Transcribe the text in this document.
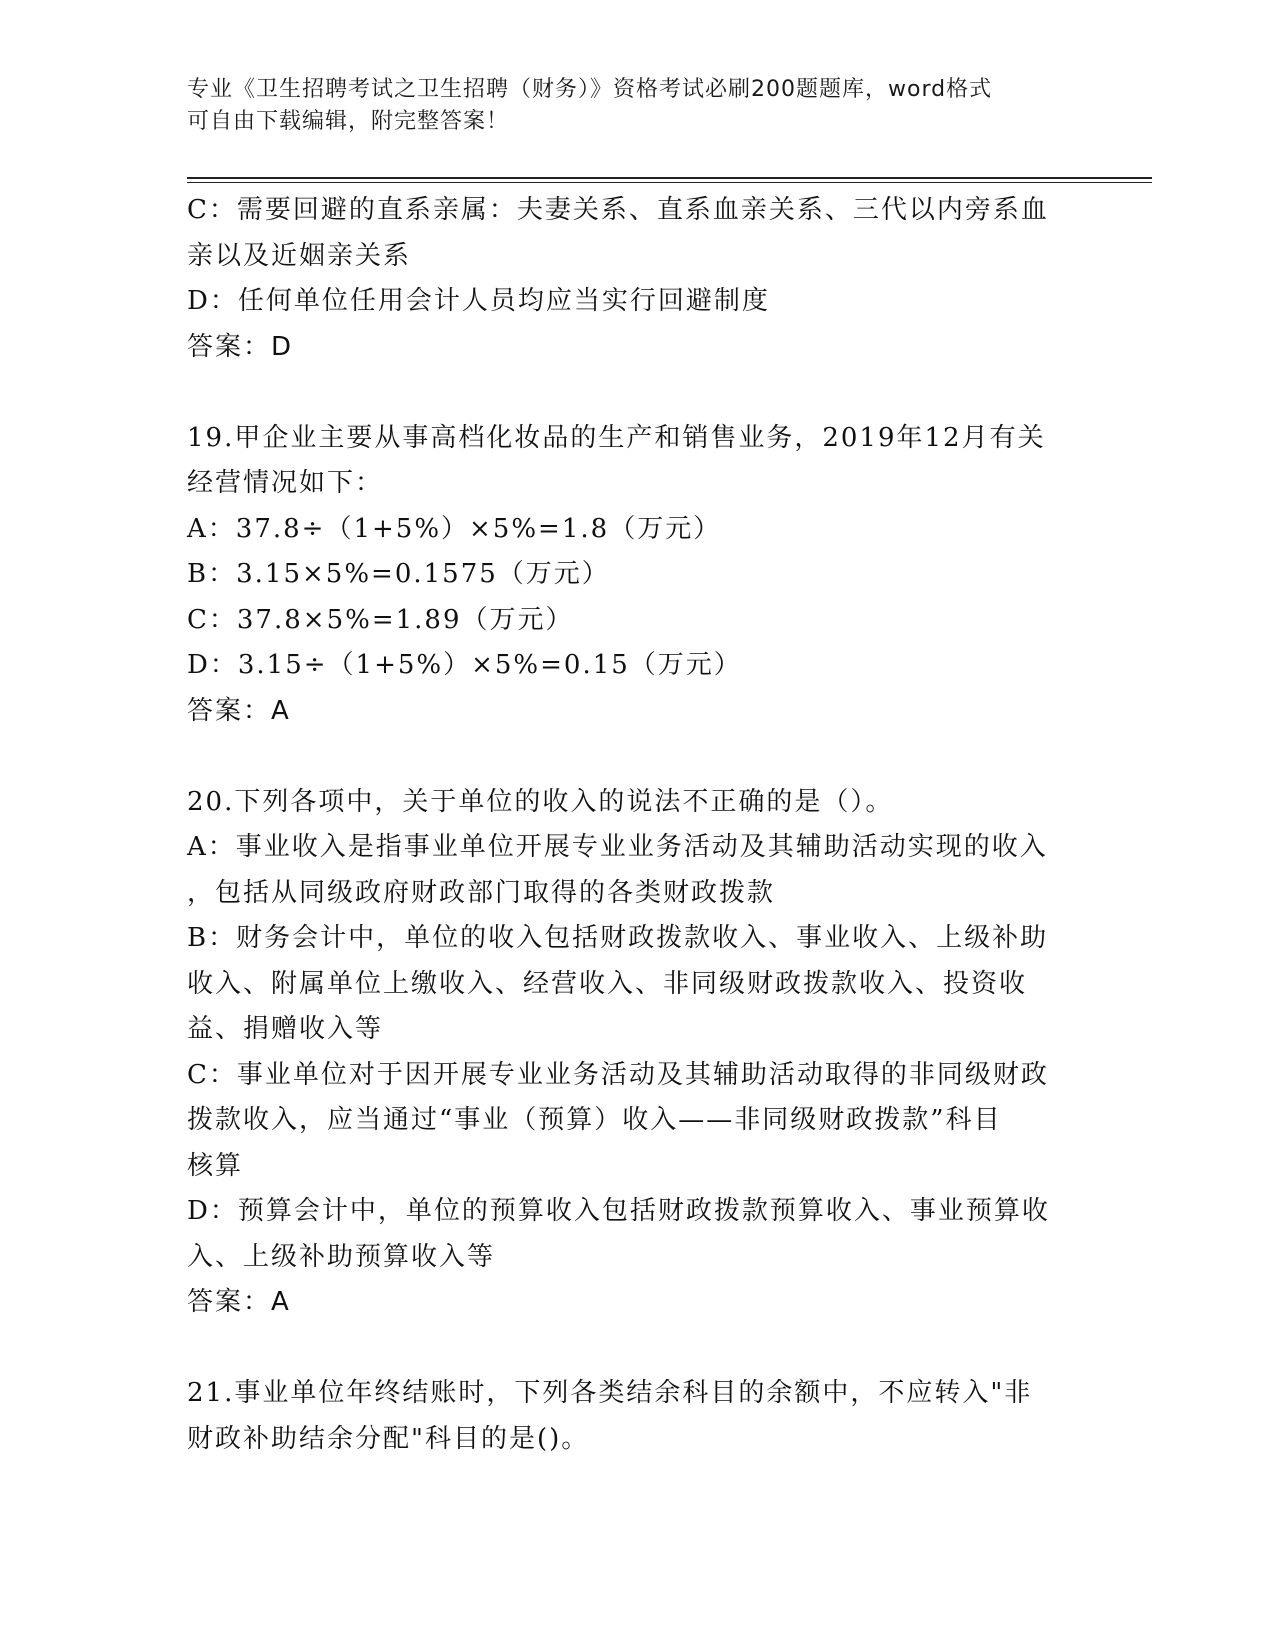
专业《卫生招聘考试之卫生招聘（财务）》资格考试必刷200题题库，word格式
可自由下载编辑，附完整答案！
C：需要回避的直系亲属：夫妻关系、直系血亲关系、三代以内旁系血
亲以及近姻亲关系
D：任何单位任用会计人员均应当实行回避制度
答案：D
19.甲企业主要从事高档化妆品的生产和销售业务，2019年12月有关
经营情况如下：
A：37.8÷（1+5%）×5%=1.8（万元）
B：3.15×5%=0.1575（万元）
C：37.8×5%=1.89（万元）
D：3.15÷（1+5%）×5%=0.15（万元）
答案：A
20.下列各项中，关于单位的收入的说法不正确的是（）。
A：事业收入是指事业单位开展专业业务活动及其辅助活动实现的收入
，包括从同级政府财政部门取得的各类财政拨款
B：财务会计中，单位的收入包括财政拨款收入、事业收入、上级补助
收入、附属单位上缴收入、经营收入、非同级财政拨款收入、投资收
益、捐赠收入等
C：事业单位对于因开展专业业务活动及其辅助活动取得的非同级财政
拨款收入，应当通过“事业（预算）收入——非同级财政拨款”科目
核算
D：预算会计中，单位的预算收入包括财政拨款预算收入、事业预算收
入、上级补助预算收入等
答案：A
21.事业单位年终结账时，下列各类结余科目的余额中，不应转入"非
财政补助结余分配"科目的是()。
